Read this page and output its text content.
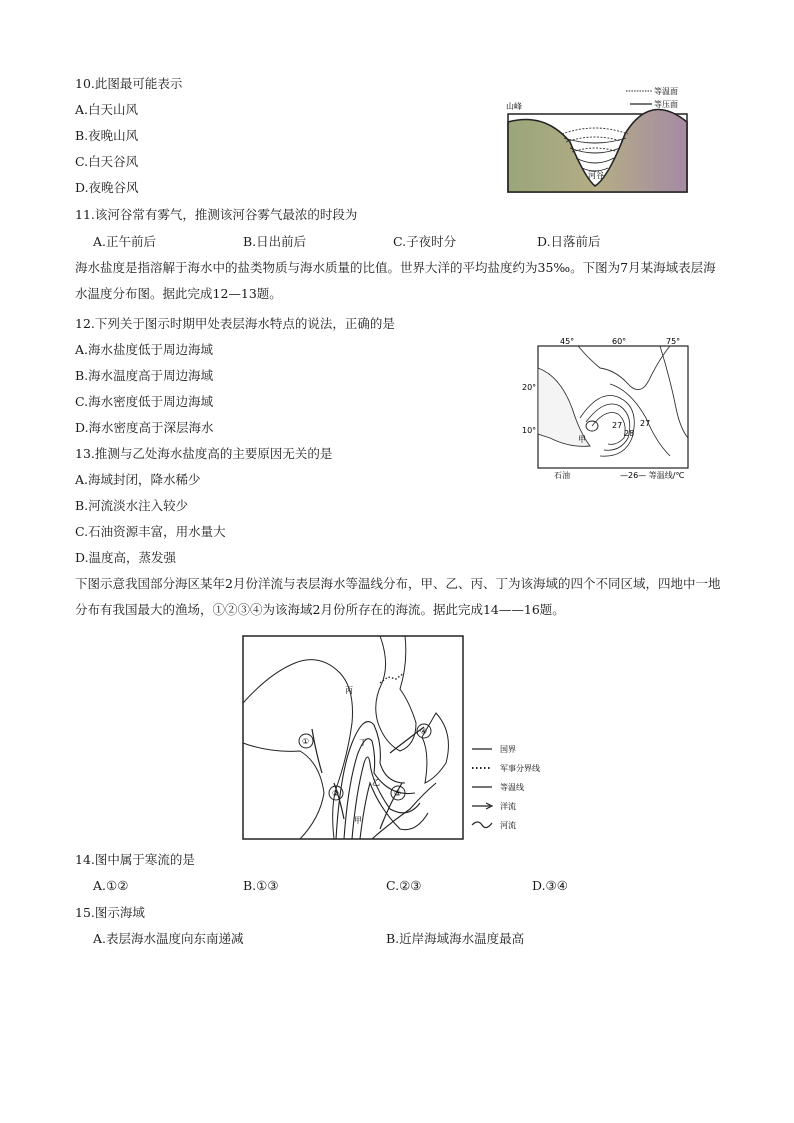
10.此图最可能表示
A.白天山风
B.夜晚山风
C.白天谷风
D.夜晚谷风
山峰
河谷
等温面
等压面
11.该河谷常有雾气，推测该河谷雾气最浓的时段为
A.正午前后	B.日出前后	C.子夜时分	D.日落前后
海水盐度是指溶解于海水中的盐类物质与海水质量的比值。世界大洋的平均盐度约为35‰。下图为7月某海域表层海水温度分布图。据此完成12—13题。
12.下列关于图示时期甲处表层海水特点的说法，正确的是
A.海水盐度低于周边海域
B.海水温度高于周边海域
C.海水密度低于周边海域
D.海水密度高于深层海水
45°	60°	75°
20°
10°
甲
27
28
27
石油	—26— 等温线/℃
13.推测与乙处海水盐度高的主要原因无关的是
A.海域封闭，降水稀少
B.河流淡水注入较少
C.石油资源丰富，用水量大
D.温度高，蒸发强
下图示意我国部分海区某年2月份洋流与表层海水等温线分布，甲、乙、丙、丁为该海域的四个不同区域，四地中一地分布有我国最大的渔场，①②③④为该海域2月份所存在的海流。据此完成14——16题。
①
②	③
④
丙
丁
乙
甲
国界
军事分界线
等温线
洋流
河流
14.图中属于寒流的是
A.①②	B.①③	C.②③	D.③④
15.图示海域
A.表层海水温度向东南递减	B.近岸海域海水温度最高
